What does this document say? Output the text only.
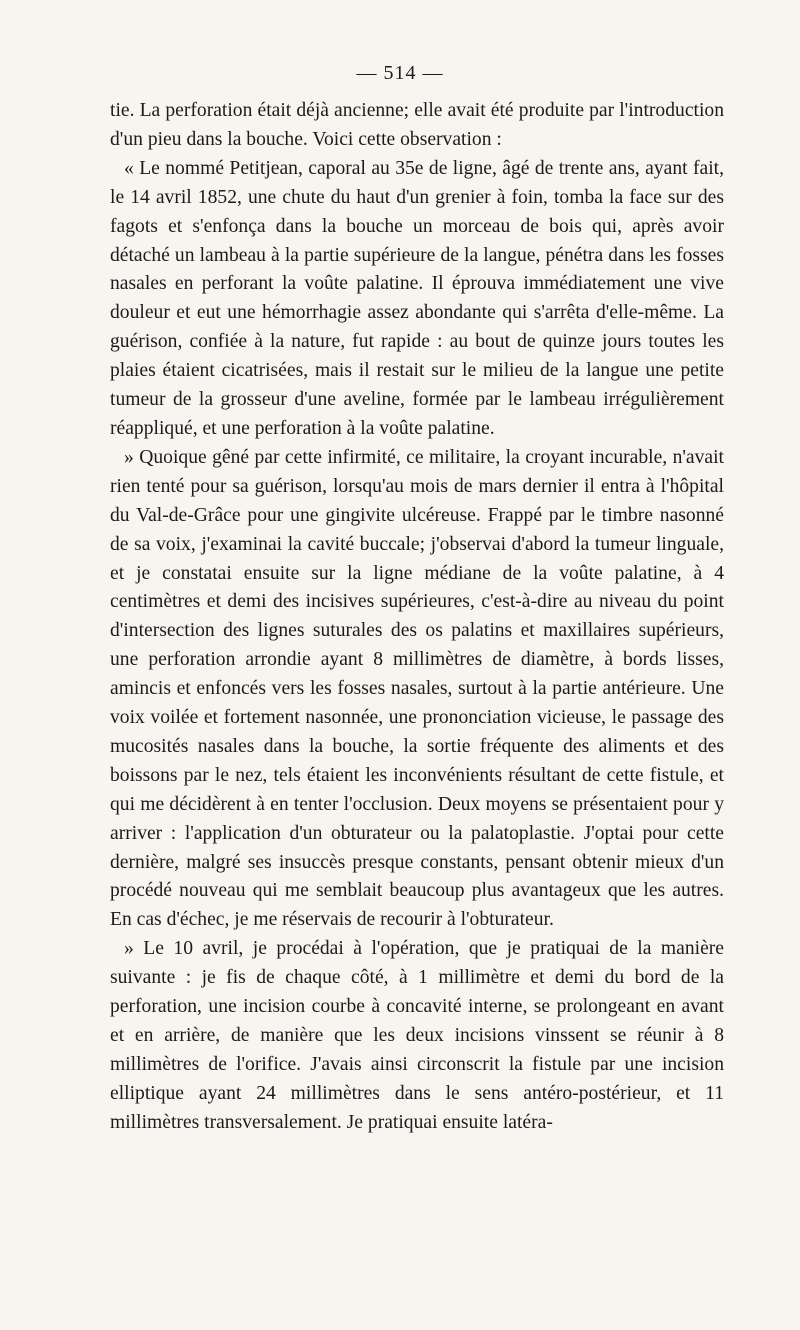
— 514 —

tie. La perforation était déjà ancienne; elle avait été produite par l'introduction d'un pieu dans la bouche. Voici cette observation :

« Le nommé Petitjean, caporal au 35e de ligne, âgé de trente ans, ayant fait, le 14 avril 1852, une chute du haut d'un grenier à foin, tomba la face sur des fagots et s'enfonça dans la bouche un morceau de bois qui, après avoir détaché un lambeau à la partie supérieure de la langue, pénétra dans les fosses nasales en perforant la voûte palatine. Il éprouva immédiatement une vive douleur et eut une hémorrhagie assez abondante qui s'arrêta d'elle-même. La guérison, confiée à la nature, fut rapide : au bout de quinze jours toutes les plaies étaient cicatrisées, mais il restait sur le milieu de la langue une petite tumeur de la grosseur d'une aveline, formée par le lambeau irrégulièrement réappliqué, et une perforation à la voûte palatine.

» Quoique gêné par cette infirmité, ce militaire, la croyant incurable, n'avait rien tenté pour sa guérison, lorsqu'au mois de mars dernier il entra à l'hôpital du Val-de-Grâce pour une gingivite ulcéreuse. Frappé par le timbre nasonné de sa voix, j'examinai la cavité buccale; j'observai d'abord la tumeur linguale, et je constatai ensuite sur la ligne médiane de la voûte palatine, à 4 centimètres et demi des incisives supérieures, c'est-à-dire au niveau du point d'intersection des lignes suturales des os palatins et maxillaires supérieurs, une perforation arrondie ayant 8 millimètres de diamètre, à bords lisses, amincis et enfoncés vers les fosses nasales, surtout à la partie antérieure. Une voix voilée et fortement nasonnée, une prononciation vicieuse, le passage des mucosités nasales dans la bouche, la sortie fréquente des aliments et des boissons par le nez, tels étaient les inconvénients résultant de cette fistule, et qui me décidèrent à en tenter l'occlusion. Deux moyens se présentaient pour y arriver : l'application d'un obturateur ou la palatoplastie. J'optai pour cette dernière, malgré ses insuccès presque constants, pensant obtenir mieux d'un procédé nouveau qui me semblait beaucoup plus avantageux que les autres. En cas d'échec, je me réservais de recourir à l'obturateur.

» Le 10 avril, je procédai à l'opération, que je pratiquai de la manière suivante : je fis de chaque côté, à 1 millimètre et demi du bord de la perforation, une incision courbe à concavité interne, se prolongeant en avant et en arrière, de manière que les deux incisions vinssent se réunir à 8 millimètres de l'orifice. J'avais ainsi circonscrit la fistule par une incision elliptique ayant 24 millimètres dans le sens antéro-postérieur, et 11 millimètres transversalement. Je pratiquai ensuite latéra-
